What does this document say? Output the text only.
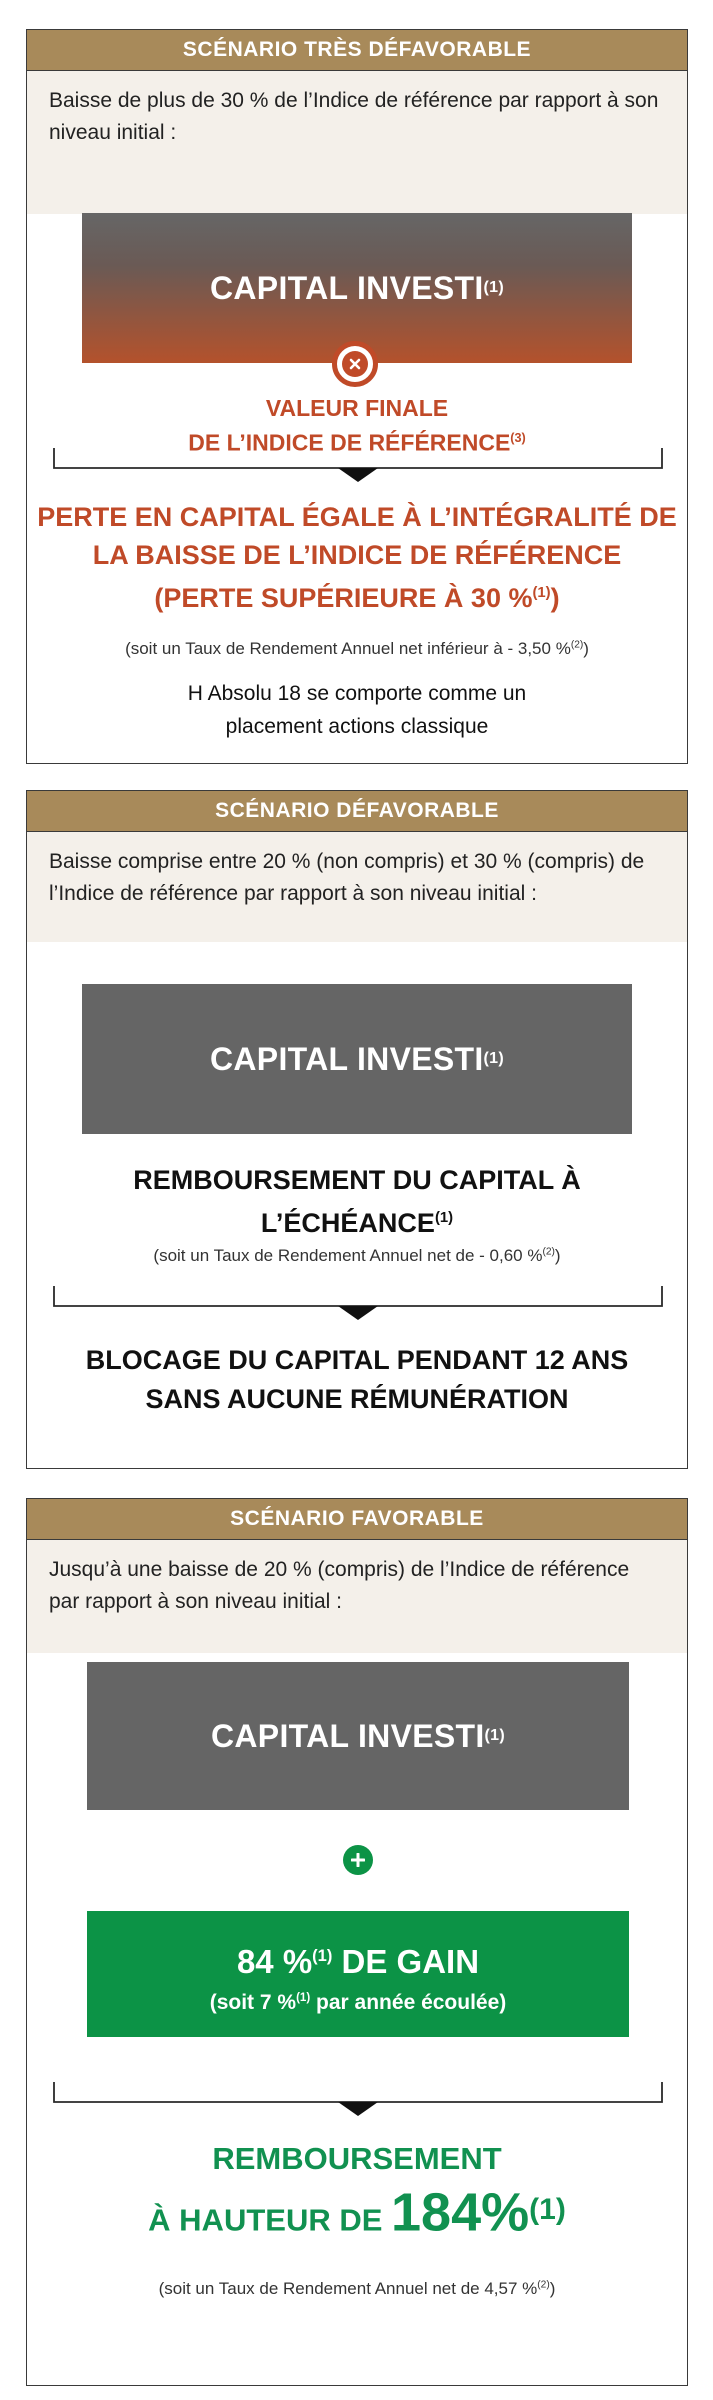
SCÉNARIO TRÈS DÉFAVORABLE
Baisse de plus de 30 % de l’Indice de référence par rapport à son niveau initial :
CAPITAL INVESTI (1)
VALEUR FINALE
DE L’INDICE DE RÉFÉRENCE$^{(3)}$
PERTE EN CAPITAL ÉGALE À L’INTÉGRALITÉ DE
LA BAISSE DE L’INDICE DE RÉFÉRENCE
(PERTE SUPÉRIEURE À 30 %$^{(1)}$)
(soit un Taux de Rendement Annuel net inférieur à - 3,50 %$^{(2)}$)
H Absolu 18 se comporte comme un
placement actions classique
SCÉNARIO DÉFAVORABLE
Baisse comprise entre 20 % (non compris) et 30 % (compris) de l’Indice de référence par rapport à son niveau initial :
CAPITAL INVESTI (1)
REMBOURSEMENT DU CAPITAL À
L’ÉCHÉANCE$^{(1)}$
(soit un Taux de Rendement Annuel net de - 0,60 %$^{(2)}$)
BLOCAGE DU CAPITAL PENDANT 12 ANS
SANS AUCUNE RÉMUNÉRATION
SCÉNARIO FAVORABLE
Jusqu’à une baisse de 20 % (compris) de l’Indice de référence par rapport à son niveau initial :
CAPITAL INVESTI (1)
84 %$^{(1)}$ DE GAIN
(soit 7 %$^{(1)}$ par année écoulée)
REMBOURSEMENT
À HAUTEUR DE 184%$^{(1)}$
(soit un Taux de Rendement Annuel net de 4,57 %$^{(2)}$)
